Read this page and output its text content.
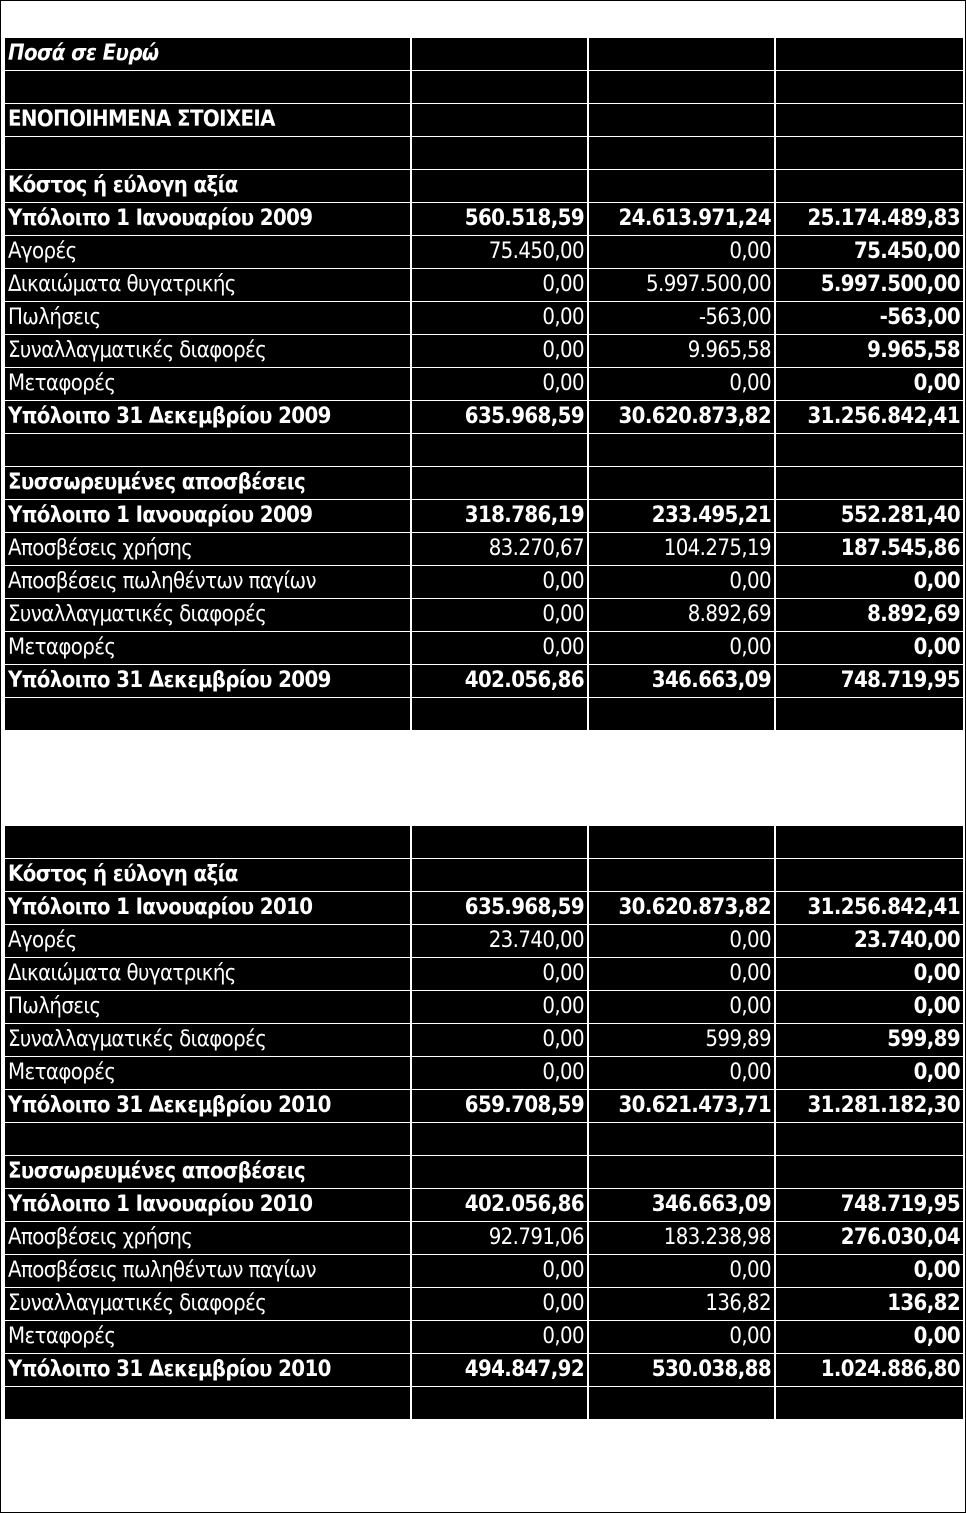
Ποσά σε Ευρώ			

ΕΝΟΠΟΙΗΜΕΝΑ ΣΤΟΙΧΕΙΑ			

Κόστος ή εύλογη αξία			
Υπόλοιπο 1 Ιανουαρίου 2009	560.518,59	24.613.971,24	25.174.489,83
Αγορές	75.450,00	0,00	75.450,00
Δικαιώματα θυγατρικής	0,00	5.997.500,00	5.997.500,00
Πωλήσεις	0,00	-563,00	-563,00
Συναλλαγματικές διαφορές	0,00	9.965,58	9.965,58
Μεταφορές	0,00	0,00	0,00
Υπόλοιπο 31 Δεκεμβρίου 2009	635.968,59	30.620.873,82	31.256.842,41

Συσσωρευμένες αποσβέσεις			
Υπόλοιπο 1 Ιανουαρίου 2009	318.786,19	233.495,21	552.281,40
Αποσβέσεις χρήσης	83.270,67	104.275,19	187.545,86
Αποσβέσεις πωληθέντων παγίων	0,00	0,00	0,00
Συναλλαγματικές διαφορές	0,00	8.892,69	8.892,69
Μεταφορές	0,00	0,00	0,00
Υπόλοιπο 31 Δεκεμβρίου 2009	402.056,86	346.663,09	748.719,95

Κόστος ή εύλογη αξία			
Υπόλοιπο 1 Ιανουαρίου 2010	635.968,59	30.620.873,82	31.256.842,41
Αγορές	23.740,00	0,00	23.740,00
Δικαιώματα θυγατρικής	0,00	0,00	0,00
Πωλήσεις	0,00	0,00	0,00
Συναλλαγματικές διαφορές	0,00	599,89	599,89
Μεταφορές	0,00	0,00	0,00
Υπόλοιπο 31 Δεκεμβρίου 2010	659.708,59	30.621.473,71	31.281.182,30

Συσσωρευμένες αποσβέσεις			
Υπόλοιπο 1 Ιανουαρίου 2010	402.056,86	346.663,09	748.719,95
Αποσβέσεις χρήσης	92.791,06	183.238,98	276.030,04
Αποσβέσεις πωληθέντων παγίων	0,00	0,00	0,00
Συναλλαγματικές διαφορές	0,00	136,82	136,82
Μεταφορές	0,00	0,00	0,00
Υπόλοιπο 31 Δεκεμβρίου 2010	494.847,92	530.038,88	1.024.886,80
